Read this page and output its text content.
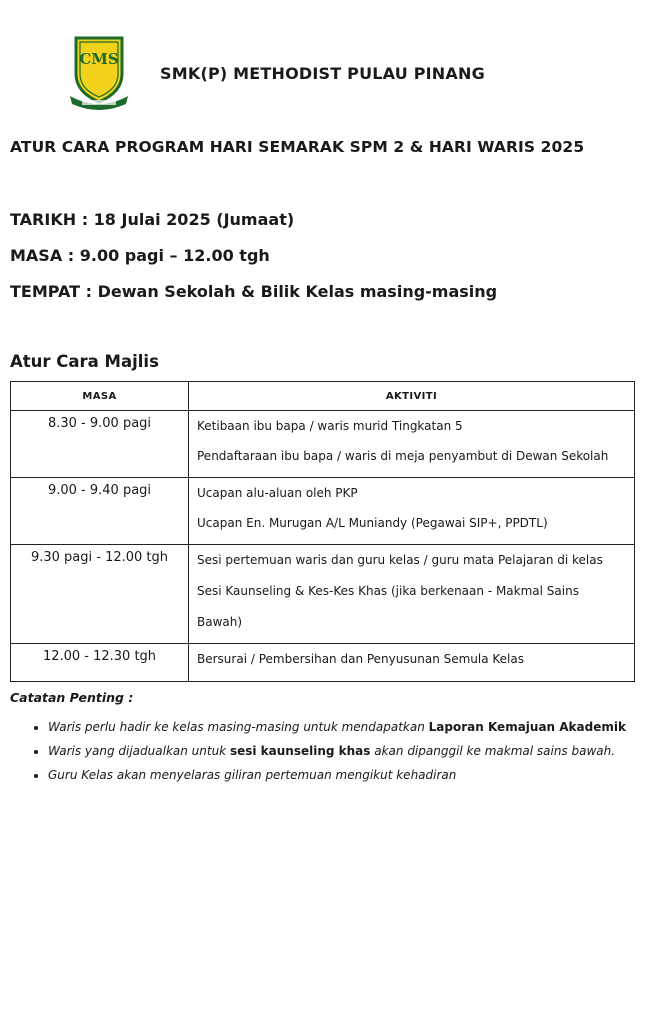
CMS
SMK(P) METHODIST PULAU PINANG
ATUR CARA PROGRAM HARI SEMARAK SPM 2 & HARI WARIS 2025
TARIKH : 18 Julai 2025 (Jumaat)
MASA : 9.00 pagi – 12.00 tgh
TEMPAT : Dewan Sekolah & Bilik Kelas masing-masing
Atur Cara Majlis
MASA	AKTIVITI
8.30 - 9.00 pagi	Ketibaan ibu bapa / waris murid Tingkatan 5
Pendaftaraan ibu bapa / waris di meja penyambut di Dewan Sekolah

9.00 - 9.40 pagi	Ucapan alu-aluan oleh PKP
Ucapan En. Murugan A/L Muniandy (Pegawai SIP+, PPDTL)

9.30 pagi - 12.00 tgh	Sesi pertemuan waris dan guru kelas / guru mata Pelajaran di kelas
Sesi Kaunseling & Kes-Kes Khas (jika berkenaan - Makmal Sains
Bawah)

12.00 - 12.30 tgh	Bersurai / Pembersihan dan Penyusunan Semula Kelas
Catatan Penting :
• Waris perlu hadir ke kelas masing-masing untuk mendapatkan Laporan Kemajuan Akademik
• Waris yang dijadualkan untuk sesi kaunseling khas akan dipanggil ke makmal sains bawah.
• Guru Kelas akan menyelaras giliran pertemuan mengikut kehadiran
